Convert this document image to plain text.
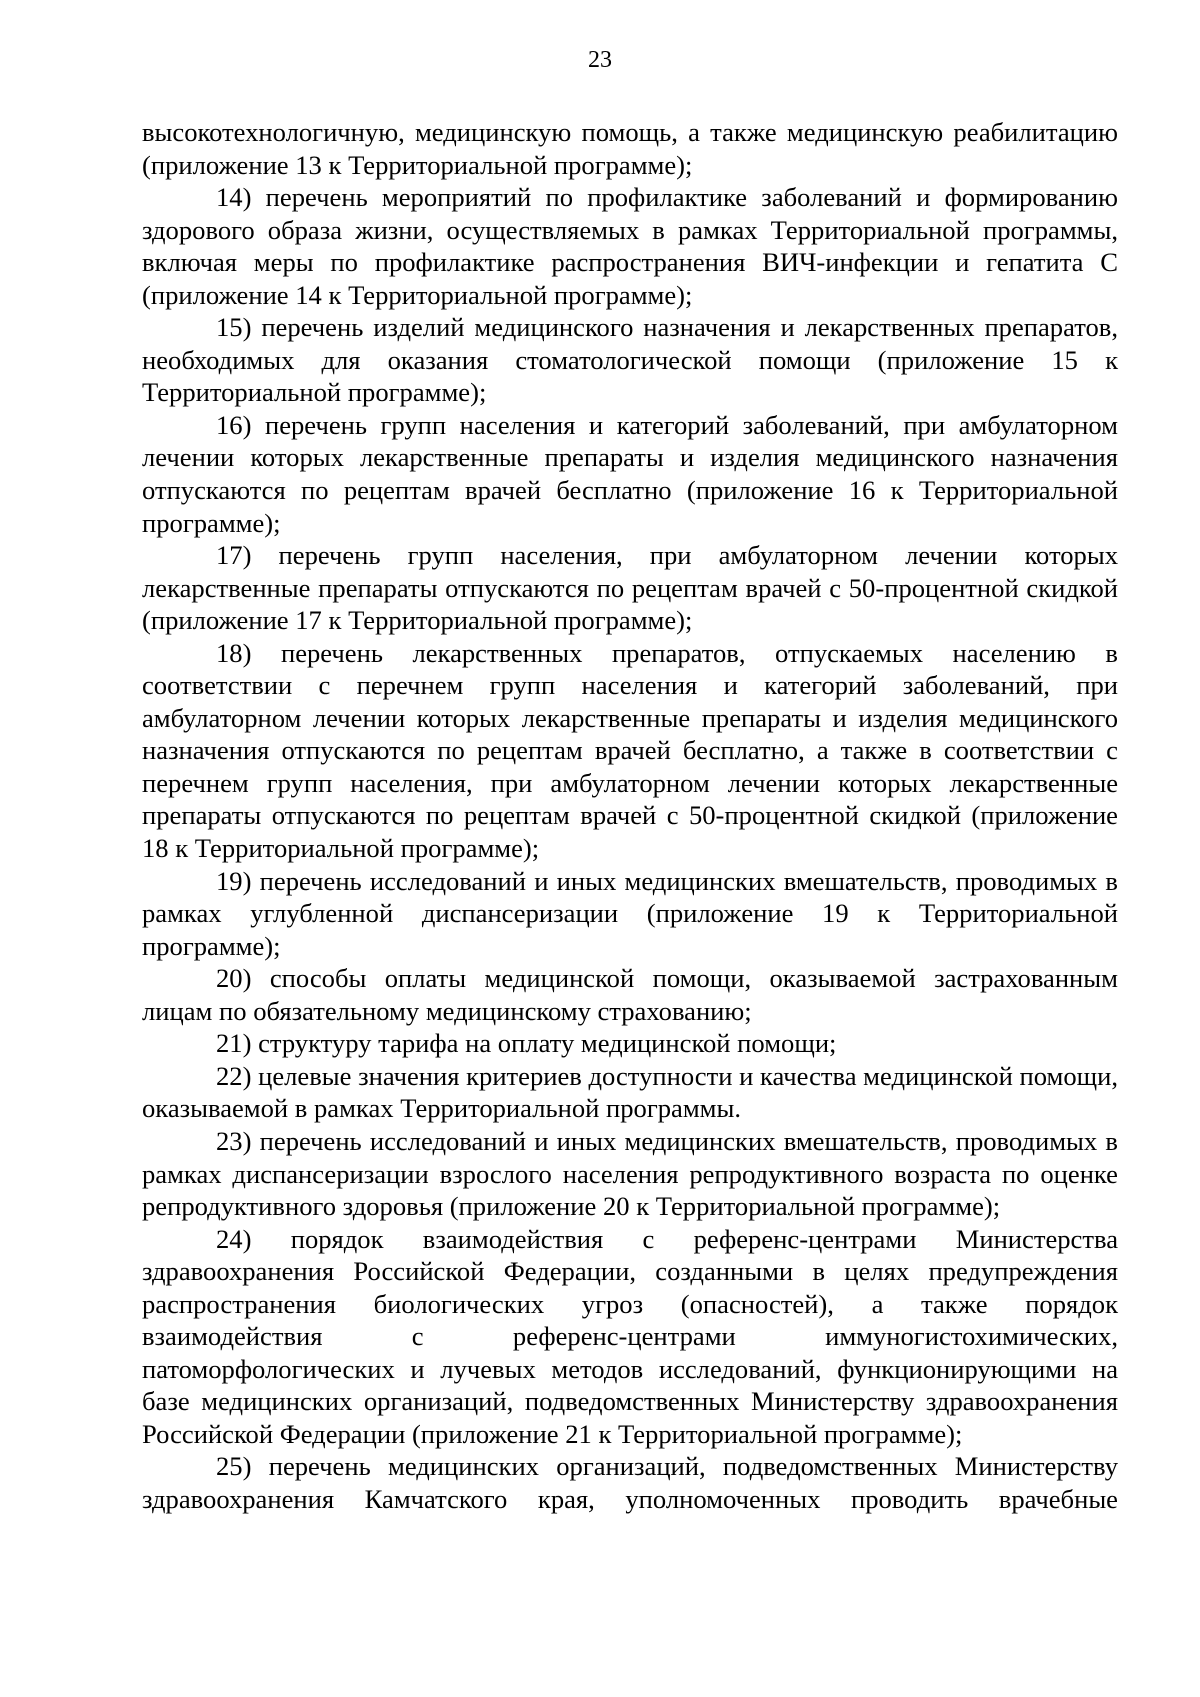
23

высокотехнологичную, медицинскую помощь, а также медицинскую реабилитацию (приложение 13 к Территориальной программе);

14) перечень мероприятий по профилактике заболеваний и формированию здорового образа жизни, осуществляемых в рамках Территориальной программы, включая меры по профилактике распространения ВИЧ-инфекции и гепатита С (приложение 14 к Территориальной программе);

15) перечень изделий медицинского назначения и лекарственных препаратов, необходимых для оказания стоматологической помощи (приложение 15 к Территориальной программе);

16) перечень групп населения и категорий заболеваний, при амбулаторном лечении которых лекарственные препараты и изделия медицинского назначения отпускаются по рецептам врачей бесплатно (приложение 16 к Территориальной программе);

17) перечень групп населения, при амбулаторном лечении которых лекарственные препараты отпускаются по рецептам врачей с 50-процентной скидкой (приложение 17 к Территориальной программе);

18) перечень лекарственных препаратов, отпускаемых населению в соответствии с перечнем групп населения и категорий заболеваний, при амбулаторном лечении которых лекарственные препараты и изделия медицинского назначения отпускаются по рецептам врачей бесплатно, а также в соответствии с перечнем групп населения, при амбулаторном лечении которых лекарственные препараты отпускаются по рецептам врачей с 50-процентной скидкой (приложение 18 к Территориальной программе);

19) перечень исследований и иных медицинских вмешательств, проводимых в рамках углубленной диспансеризации (приложение 19 к Территориальной программе);

20) способы оплаты медицинской помощи, оказываемой застрахованным лицам по обязательному медицинскому страхованию;

21) структуру тарифа на оплату медицинской помощи;

22) целевые значения критериев доступности и качества медицинской помощи, оказываемой в рамках Территориальной программы.

23) перечень исследований и иных медицинских вмешательств, проводимых в рамках диспансеризации взрослого населения репродуктивного возраста по оценке репродуктивного здоровья (приложение 20 к Территориальной программе);

24) порядок взаимодействия с референс-центрами Министерства здравоохранения Российской Федерации, созданными в целях предупреждения распространения биологических угроз (опасностей), а также порядок взаимодействия с референс-центрами иммуногистохимических, патоморфологических и лучевых методов исследований, функционирующими на базе медицинских организаций, подведомственных Министерству здравоохранения Российской Федерации (приложение 21 к Территориальной программе);

25) перечень медицинских организаций, подведомственных Министерству здравоохранения Камчатского края, уполномоченных проводить врачебные
